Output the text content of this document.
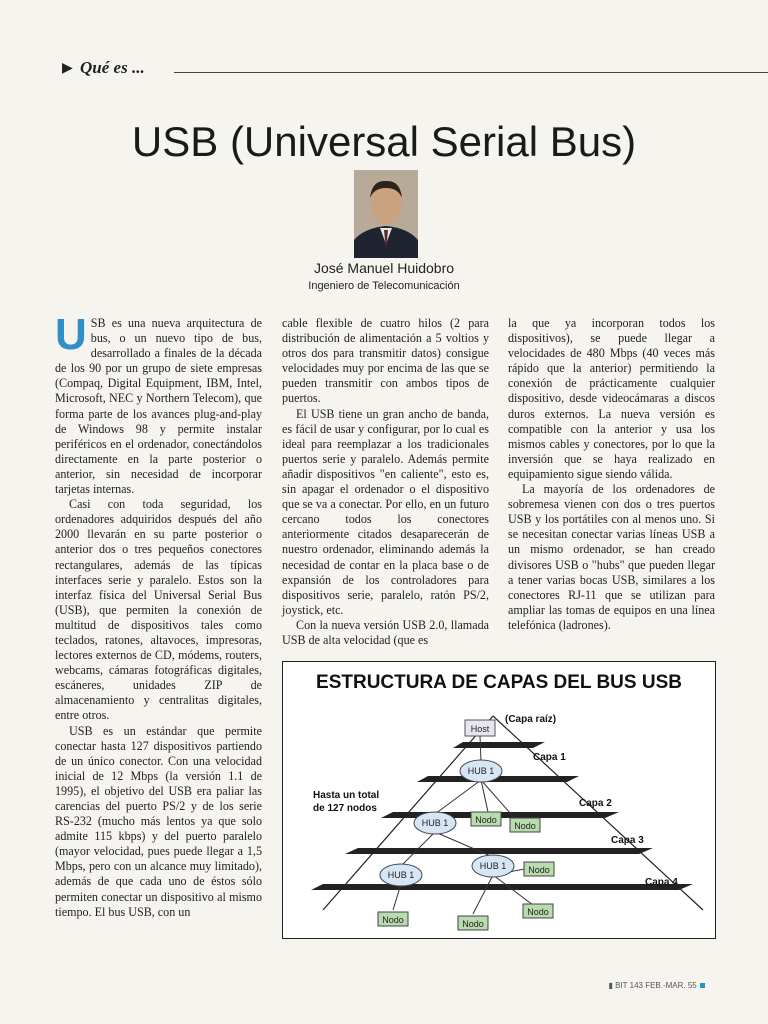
▶ Qué es ...
USB (Universal Serial Bus)
José Manuel Huidobro
Ingeniero de Telecomunicación

USB es una nueva arquitectura de bus, o un nuevo tipo de bus, desarrollado a finales de la década de los 90 por un grupo de siete empresas (Compaq, Digital Equipment, IBM, Intel, Microsoft, NEC y Northern Telecom), que forma parte de los avances plug-and-play de Windows 98 y permite instalar periféricos en el ordenador, conectándolos directamente en la parte posterior o anterior, sin necesidad de incorporar tarjetas internas.

Casi con toda seguridad, los ordenadores adquiridos después del año 2000 llevarán en su parte posterior o anterior dos o tres pequeños conectores rectangulares, además de las típicas interfaces serie y paralelo. Estos son la interfaz física del Universal Serial Bus (USB), que permiten la conexión de multitud de dispositivos tales como teclados, ratones, altavoces, impresoras, lectores externos de CD, módems, routers, webcams, cámaras fotográficas digitales, escáneres, unidades ZIP de almacenamiento y centralitas digitales, entre otros.

USB es un estándar que permite conectar hasta 127 dispositivos partiendo de un único conector. Con una velocidad inicial de 12 Mbps (la versión 1.1 de 1995), el objetivo del USB era paliar las carencias del puerto PS/2 y de los serie RS-232 (mucho más lentos ya que solo admite 115 kbps) y del puerto paralelo (mayor velocidad, pues puede llegar a 1,5 Mbps, pero con un alcance muy limitado), además de que cada uno de éstos sólo permiten conectar un dispositivo al mismo tiempo. El bus USB, con un

cable flexible de cuatro hilos (2 para distribución de alimentación a 5 voltios y otros dos para transmitir datos) consigue velocidades muy por encima de las que se pueden transmitir con ambos tipos de puertos.

El USB tiene un gran ancho de banda, es fácil de usar y configurar, por lo cual es ideal para reemplazar a los tradicionales puertos serie y paralelo. Además permite añadir dispositivos "en caliente", esto es, sin apagar el ordenador o el dispositivo que se va a conectar. Por ello, en un futuro cercano todos los conectores anteriormente citados desaparecerán de nuestro ordenador, eliminando además la necesidad de contar en la placa base o de expansión de los controladores para dispositivos serie, paralelo, ratón PS/2, joystick, etc.

Con la nueva versión USB 2.0, llamada USB de alta velocidad (que es

la que ya incorporan todos los dispositivos), se puede llegar a velocidades de 480 Mbps (40 veces más rápido que la anterior) permitiendo la conexión de prácticamente cualquier dispositivo, desde videocámaras a discos duros externos. La nueva versión es compatible con la anterior y usa los mismos cables y conectores, por lo que la inversión que se haya realizado en equipamiento sigue siendo válida.

La mayoría de los ordenadores de sobremesa vienen con dos o tres puertos USB y los portátiles con al menos uno. Si se necesitan conectar varias líneas USB a un mismo ordenador, se han creado divisores USB o "hubs" que pueden llegar a tener varias bocas USB, similares a los conectores RJ-11 que se utilizan para ampliar las tomas de equipos en una línea telefónica (ladrones).

ESTRUCTURA DE CAPAS DEL BUS USB
(Capa raíz)
Capa 1
Capa 2
Capa 3
Capa 4
Host
HUB 1
HUB 1
HUB 1
HUB 1
Nodo
Nodo
Nodo
Nodo
Nodo	Nodo
Hasta un total
de 127 nodos
▮ BIT 143 FEB.-MAR. 55
